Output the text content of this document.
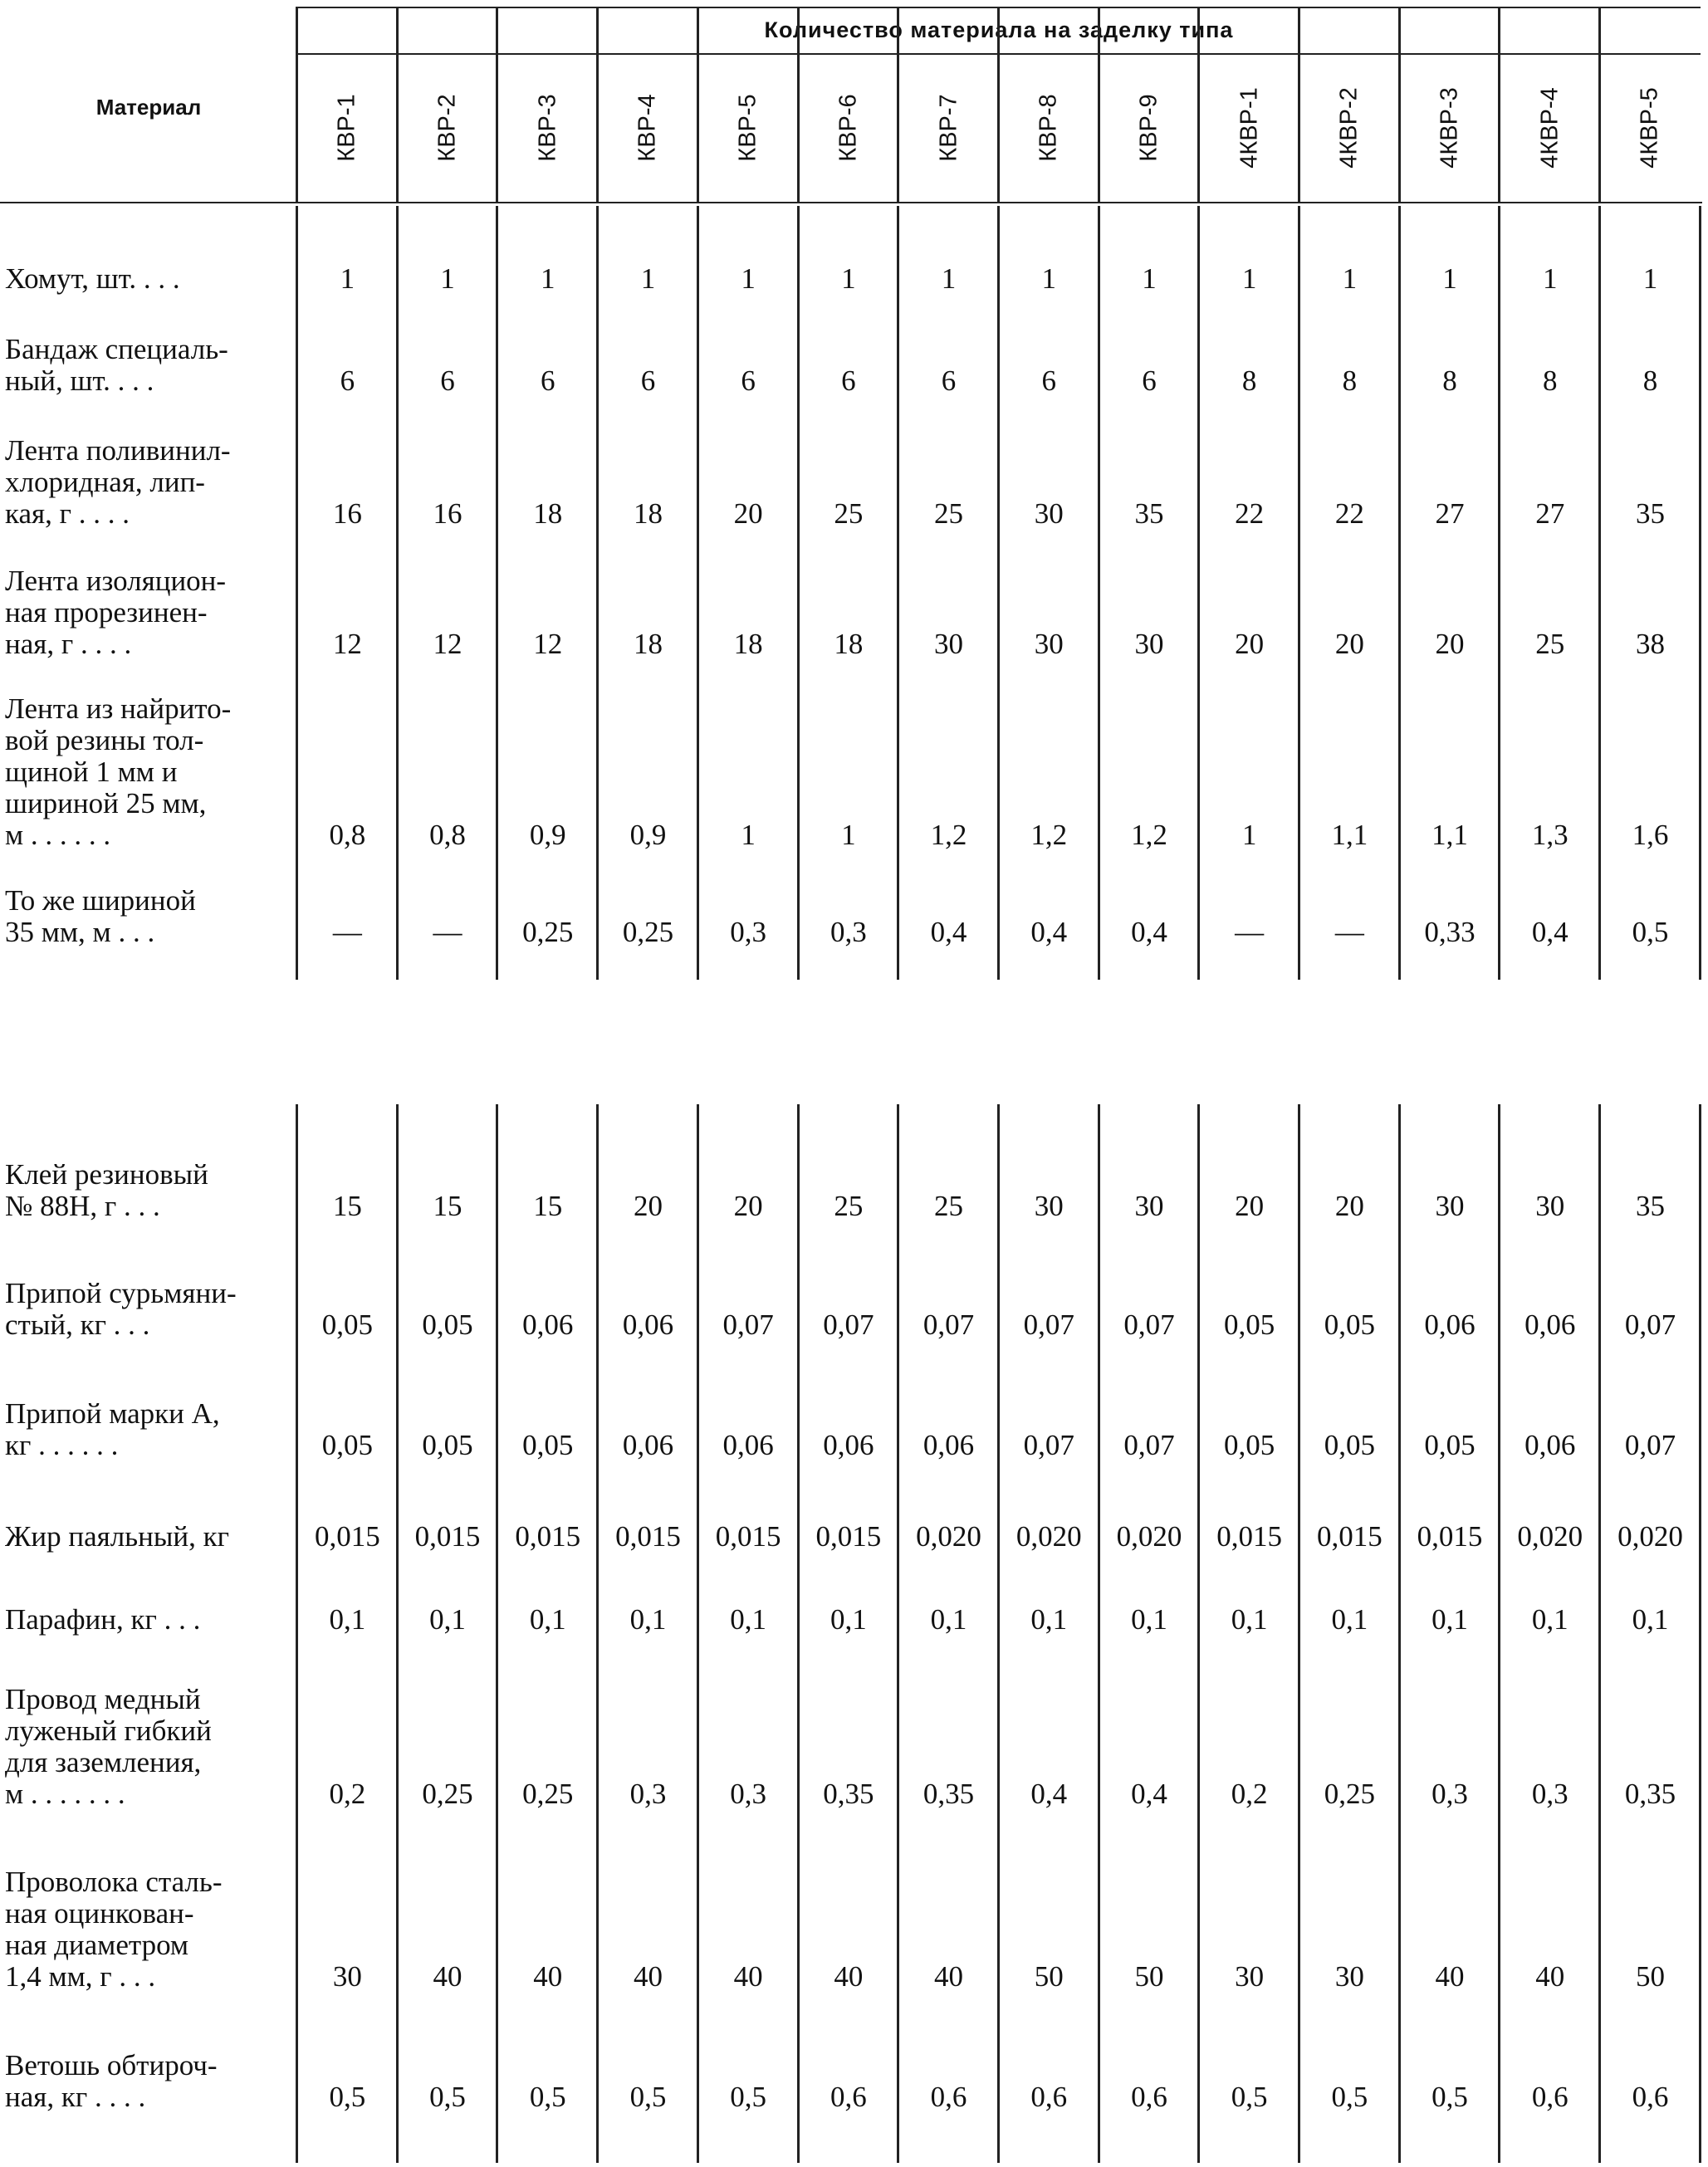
Количество материала на заделку типа
Материал	КВР-1	КВР-2	КВР-3	КВР-4	КВР-5	КВР-6	КВР-7	КВР-8	КВР-9	4КВР-1	4КВР-2	4КВР-3	4КВР-4	4КВР-5
Хомут, шт. . . .	1	1	1	1	1	1	1	1	1	1	1	1	1	1
Бандаж специаль-
ный, шт. . . .	6	6	6	6	6	6	6	6	6	8	8	8	8	8
Лента поливинил-
хлоридная, лип-
кая, г . . . .	16	16	18	18	20	25	25	30	35	22	22	27	27	35
Лента изоляцион-
ная прорезинен-
ная, г . . . .	12	12	12	18	18	18	30	30	30	20	20	20	25	38
Лента из найрито-
вой резины тол-
щиной 1 мм и
шириной 25 мм,
м . . . . . .	0,8	0,8	0,9	0,9	1	1	1,2	1,2	1,2	1	1,1	1,1	1,3	1,6
То же шириной
35 мм, м . . .	—	—	0,25	0,25	0,3	0,3	0,4	0,4	0,4	—	—	0,33	0,4	0,5
Клей резиновый
№ 88Н, г . . .	15	15	15	20	20	25	25	30	30	20	20	30	30	35
Припой сурьмяни-
стый, кг . . .	0,05	0,05	0,06	0,06	0,07	0,07	0,07	0,07	0,07	0,05	0,05	0,06	0,06	0,07
Припой марки А,
кг . . . . . .	0,05	0,05	0,05	0,06	0,06	0,06	0,06	0,07	0,07	0,05	0,05	0,05	0,06	0,07
Жир паяльный, кг	0,015	0,015	0,015	0,015	0,015	0,015	0,020	0,020	0,020	0,015	0,015	0,015	0,020	0,020
Парафин, кг . . .	0,1	0,1	0,1	0,1	0,1	0,1	0,1	0,1	0,1	0,1	0,1	0,1	0,1	0,1
Провод медный
луженый гибкий
для заземления,
м . . . . . . .	0,2	0,25	0,25	0,3	0,3	0,35	0,35	0,4	0,4	0,2	0,25	0,3	0,3	0,35
Проволока сталь-
ная оцинкован-
ная диаметром
1,4 мм, г . . .	30	40	40	40	40	40	40	50	50	30	30	40	40	50
Ветошь обтироч-
ная, кг . . . .	0,5	0,5	0,5	0,5	0,5	0,6	0,6	0,6	0,6	0,5	0,5	0,5	0,6	0,6
